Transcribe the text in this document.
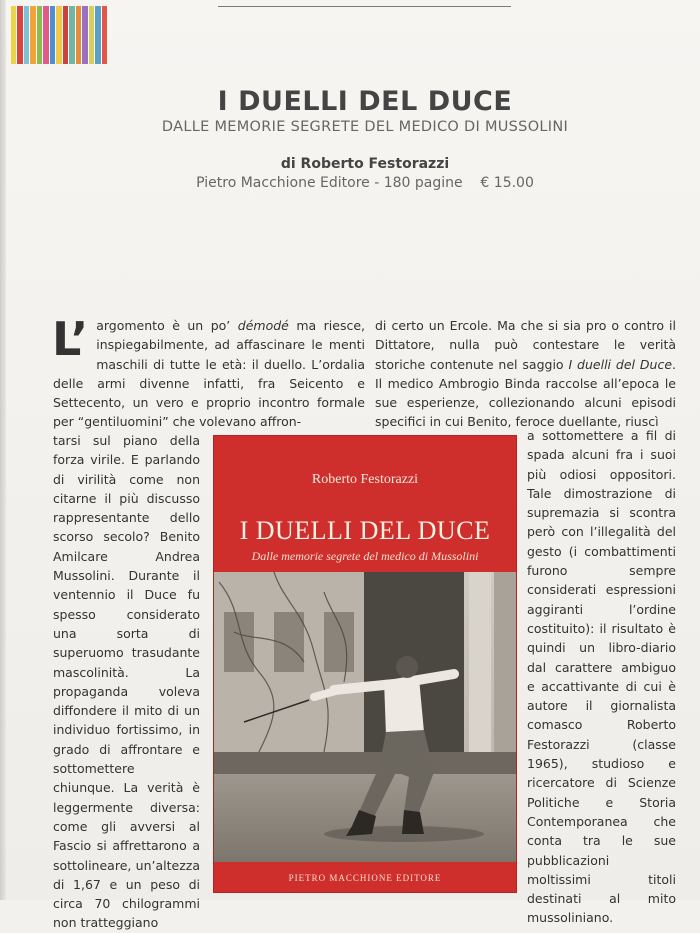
I DUELLI DEL DUCE
DALLE MEMORIE SEGRETE DEL MEDICO DI MUSSOLINI
di Roberto Festorazzi
Pietro Macchione Editore - 180 pagine    € 15.00
L’ argomento è un po’ démodé ma riesce, inspiegabilmente, ad affascinare le menti maschili di tutte le età: il duello. L’ordalia delle armi divenne infatti, fra Seicento e Settecento, un vero e proprio incontro formale per “gentiluomini” che volevano affron-
tarsi sul piano della forza virile. E parlando di virilità come non citarne il più discusso rappresentante dello scorso secolo? Benito Amilcare Andrea Mussolini. Durante il ventennio il Duce fu spesso considerato una sorta di superuomo trasudante mascolinità. La propaganda voleva diffondere il mito di un individuo fortissimo, in grado di affrontare e sottomettere chiunque. La verità è leggermente diversa: come gli avversi al Fascio si affrettarono a sottolineare, un’altezza di 1,67 e un peso di circa 70 chilogrammi non tratteggiano
di certo un Ercole. Ma che si sia pro o contro il Dittatore, nulla può contestare le verità storiche contenute nel saggio I duelli del Duce. Il medico Ambrogio Binda raccolse all’epoca le sue esperienze, collezionando alcuni episodi specifici in cui Benito, feroce duellante, riuscì
a sottomettere a fil di spada alcuni fra i suoi più odiosi oppositori. Tale dimostrazione di supremazia si scontra però con l’illegalità del gesto (i combattimenti furono sempre considerati espressioni aggiranti l’ordine costituito): il risultato è quindi un libro-diario dal carattere ambiguo e accattivante di cui è autore il giornalista comasco Roberto Festorazzi (classe 1965), studioso e ricercatore di Scienze Politiche e Storia Contemporanea che conta tra le sue pubblicazioni moltissimi titoli destinati al mito mussoliniano.
Roberto Festorazzi
I DUELLI DEL DUCE
Dalle memorie segrete del medico di Mussolini
PIETRO MACCHIONE EDITORE
